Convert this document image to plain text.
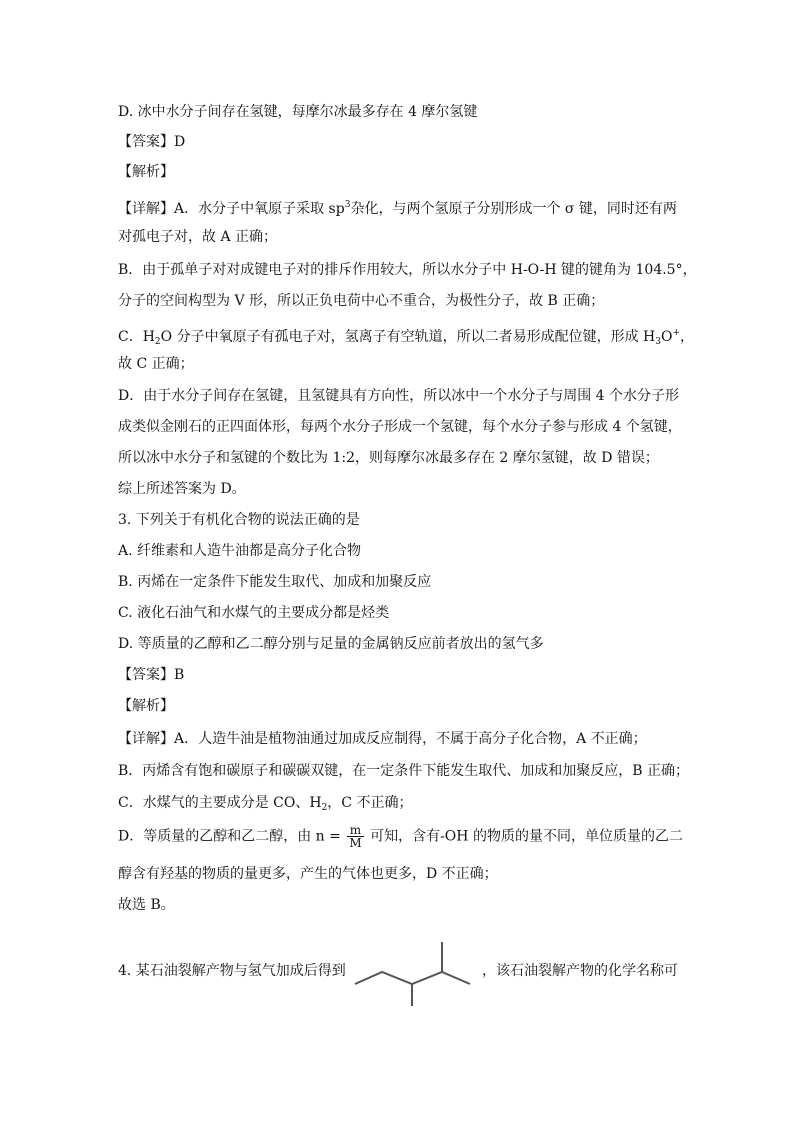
D. 冰中水分子间存在氢键，每摩尔冰最多存在 4 摩尔氢键
【答案】D
【解析】
【详解】A．水分子中氧原子采取 $sp^3$杂化，与两个氢原子分别形成一个 σ 键，同时还有两
对孤电子对，故 A 正确；
B．由于孤单子对对成键电子对的排斥作用较大，所以水分子中 H-O-H 键的键角为 104.5°，
分子的空间构型为 V 形，所以正负电荷中心不重合，为极性分子，故 B 正确；
C．$H_2O$ 分子中氧原子有孤电子对，氢离子有空轨道，所以二者易形成配位键，形成 $H_3O^+$，
故 C 正确；
D．由于水分子间存在氢键，且氢键具有方向性，所以冰中一个水分子与周围 4 个水分子形
成类似金刚石的正四面体形，每两个水分子形成一个氢键，每个水分子参与形成 4 个氢键，
所以冰中水分子和氢键的个数比为 1:2，则每摩尔冰最多存在 2 摩尔氢键，故 D 错误；
综上所述答案为 D。
3. 下列关于有机化合物的说法正确的是
A. 纤维素和人造牛油都是高分子化合物
B. 丙烯在一定条件下能发生取代、加成和加聚反应
C. 液化石油气和水煤气的主要成分都是烃类
D. 等质量的乙醇和乙二醇分别与足量的金属钠反应前者放出的氢气多
【答案】B
【解析】
【详解】A．人造牛油是植物油通过加成反应制得，不属于高分子化合物，A 不正确；
B．丙烯含有饱和碳原子和碳碳双键，在一定条件下能发生取代、加成和加聚反应，B 正确；
C．水煤气的主要成分是 CO、$H_2$，C 不正确；
D．等质量的乙醇和乙二醇，由 $n = \frac{m}{M}$ 可知，含有-OH 的物质的量不同，单位质量的乙二
醇含有羟基的物质的量更多，产生的气体也更多，D 不正确；
故选 B。
4. 某石油裂解产物与氢气加成后得到	，该石油裂解产物的化学名称可
